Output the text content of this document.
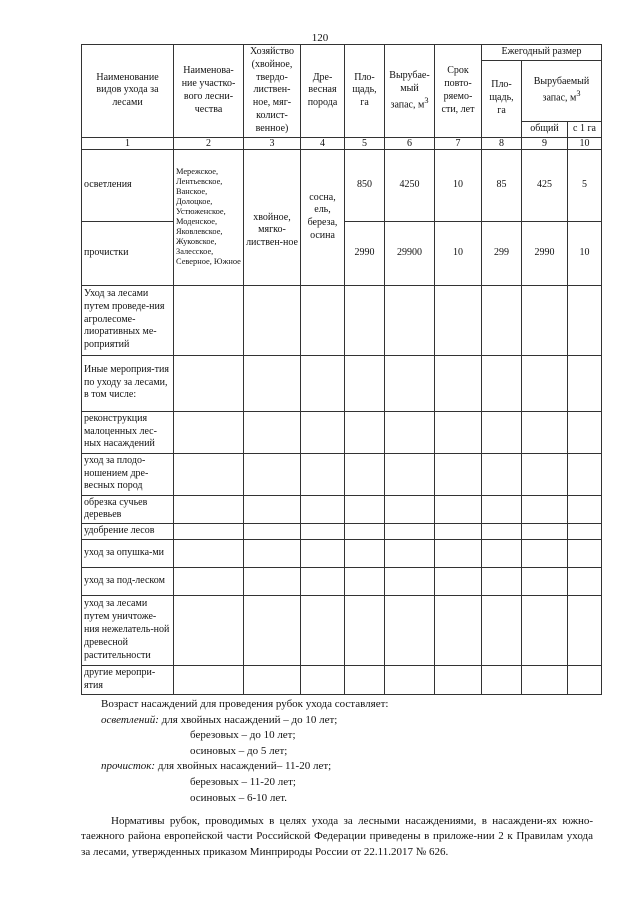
120
Наименование видов ухода за лесами	Наименова-ние участко-вого лесни-чества	Хозяйство (хвойное, твердо-листвен-ное, мяг-колист-венное)	Дре-весная порода	Пло-щадь, га	Вырубае-мый запас, $м^3$	Срок повто-ряемо-сти, лет	Ежегодный размер		
							Пло-щадь, га	Вырубаемый запас, $м^3$
								общий	с 1 га
1	2	3	4	5	6	7	8	9	10
осветления	Мережское, Лентьевское, Ванское, Долоцкое, Устюженское, Моденское, Яковлевское, Жуковское, Залесское, Северное, Южное	хвойное, мягко-листвен-ное	сосна, ель, береза, осина	850	4250	10	85	425	5
прочистки				2990	29900	10	299	2990	10
Уход за лесами путем проведе-ния агролесоме-лиоративных ме-роприятий									
Иные мероприя-тия по уходу за лесами, в том числе:									
реконструкция малоценных лес-ных насаждений									
уход за плодо-ношением дре-весных пород									
обрезка сучьев деревьев									
удобрение лесов									
уход за опушка-ми									
уход за под-леском									
уход за лесами путем уничтоже-ния нежелатель-ной древесной растительности									
другие меропри-ятия									

Возраст насаждений для проведения рубок ухода составляет:

осветлений: для хвойных насаждений – до 10 лет;

березовых – до 10 лет;

осиновых – до 5 лет;

прочисток: для хвойных насаждений– 11-20 лет;

березовых – 11-20 лет;

осиновых – 6-10 лет.

Нормативы рубок, проводимых в целях ухода за лесными насаждениями, в насаждени-ях южно-таежного района европейской части Российской Федерации приведены в приложе-нии 2 к Правилам ухода за лесами, утвержденных приказом Минприроды России от 22.11.2017 № 626.
